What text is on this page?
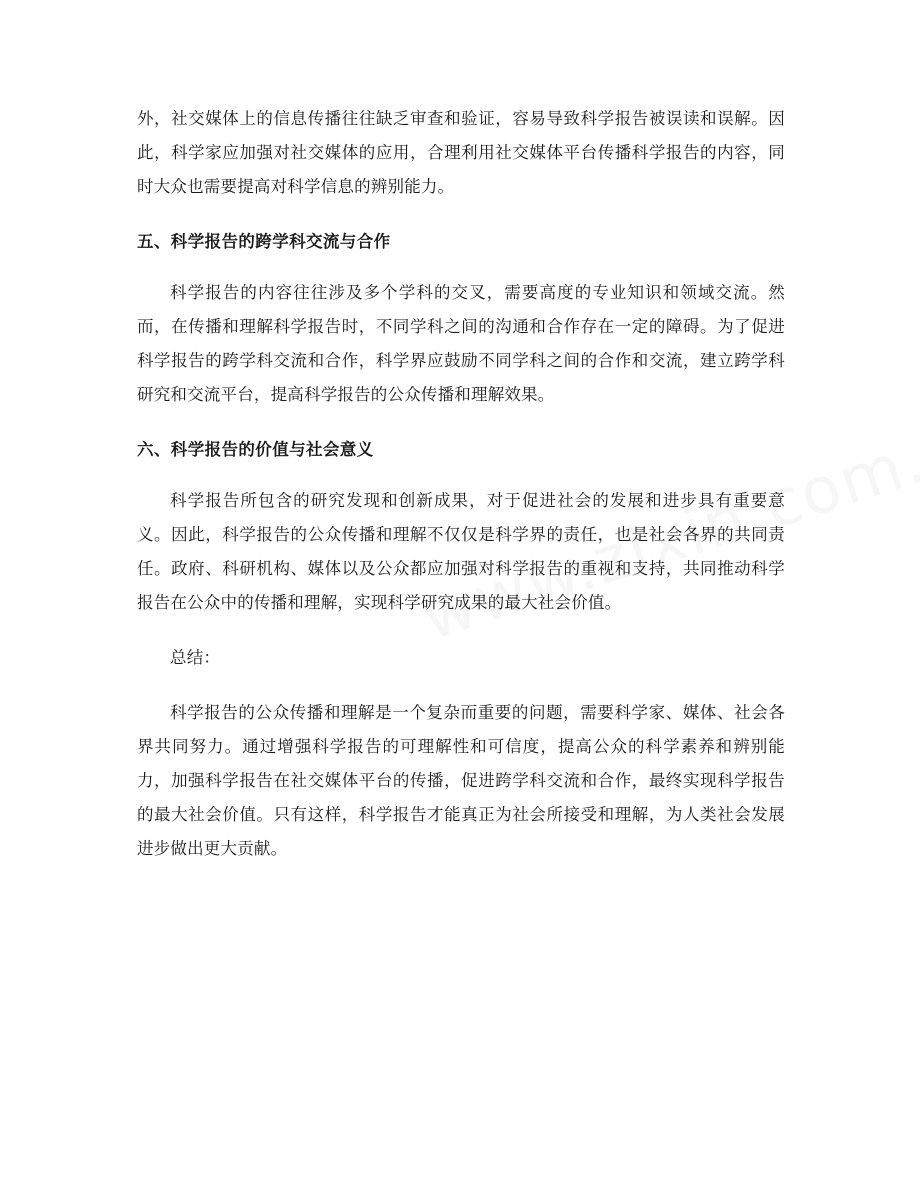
外，社交媒体上的信息传播往往缺乏审查和验证，容易导致科学报告被误读和误解。因此，科学家应加强对社交媒体的应用，合理利用社交媒体平台传播科学报告的内容，同时大众也需要提高对科学信息的辨别能力。

五、科学报告的跨学科交流与合作

科学报告的内容往往涉及多个学科的交叉，需要高度的专业知识和领域交流。然而，在传播和理解科学报告时，不同学科之间的沟通和合作存在一定的障碍。为了促进科学报告的跨学科交流和合作，科学界应鼓励不同学科之间的合作和交流，建立跨学科研究和交流平台，提高科学报告的公众传播和理解效果。

六、科学报告的价值与社会意义

科学报告所包含的研究发现和创新成果，对于促进社会的发展和进步具有重要意义。因此，科学报告的公众传播和理解不仅仅是科学界的责任，也是社会各界的共同责任。政府、科研机构、媒体以及公众都应加强对科学报告的重视和支持，共同推动科学报告在公众中的传播和理解，实现科学研究成果的最大社会价值。

总结：

科学报告的公众传播和理解是一个复杂而重要的问题，需要科学家、媒体、社会各界共同努力。通过增强科学报告的可理解性和可信度，提高公众的科学素养和辨别能力，加强科学报告在社交媒体平台的传播，促进跨学科交流和合作，最终实现科学报告的最大社会价值。只有这样，科学报告才能真正为社会所接受和理解，为人类社会发展进步做出更大贡献。
